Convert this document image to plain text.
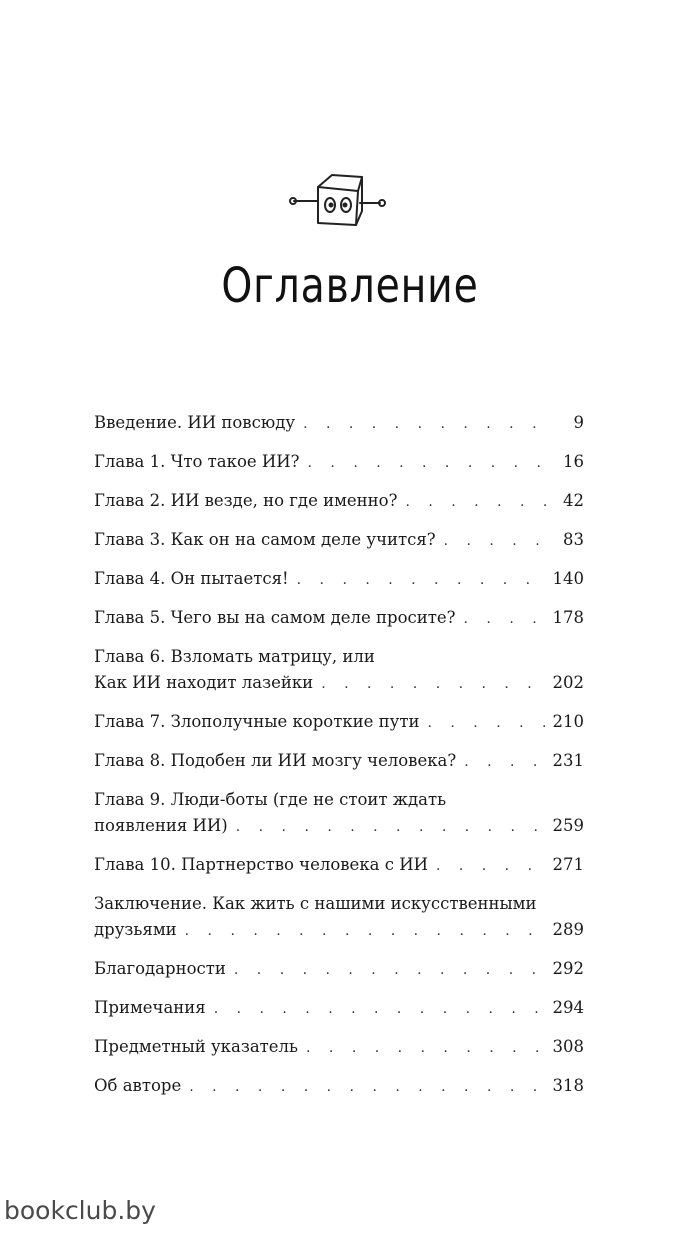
Оглавление
Введение. ИИ повсюду . . .	9
Глава 1. Что такое ИИ? . . .	16
Глава 2. ИИ везде, но где именно? . . .	42
Глава 3. Как он на самом деле учится? . . .	83
Глава 4. Он пытается! . . .	140
Глава 5. Чего вы на самом деле просите? . . .	178
Глава 6. Взломать матрицу, или
Как ИИ находит лазейки . . .	202
Глава 7. Злополучные короткие пути . . .	210
Глава 8. Подобен ли ИИ мозгу человека? . . .	231
Глава 9. Люди-боты (где не стоит ждать
появления ИИ) . . .	259
Глава 10. Партнерство человека с ИИ . . .	271
Заключение. Как жить с нашими искусственными
друзьями . . .	289
Благодарности . . .	292
Примечания . . .	294
Предметный указатель . . .	308
Об авторе . . .	318
bookclub.by
